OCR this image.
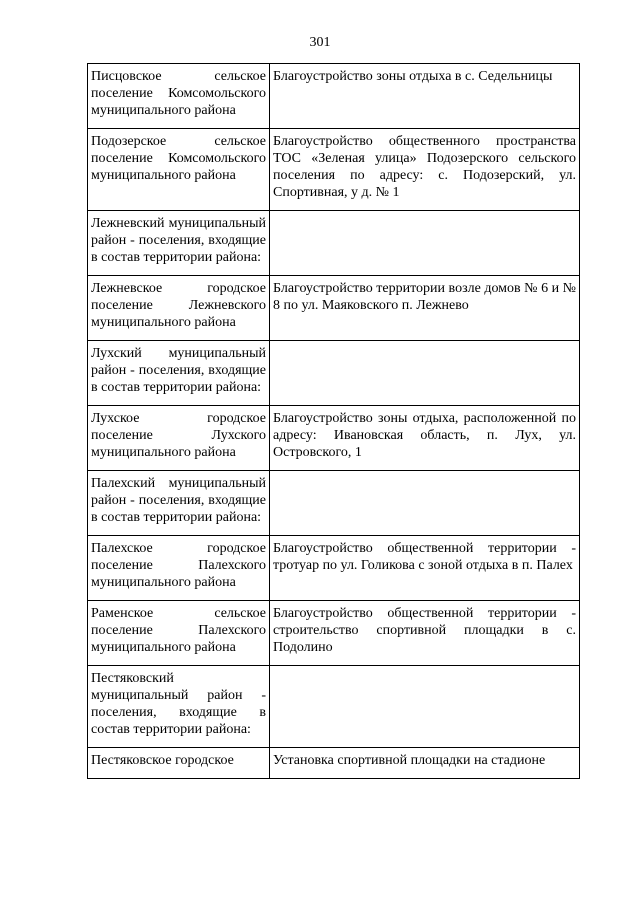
301
Писцовское сельское поселение Комсомольского муниципального района	Благоустройство зоны отдыха в с. Седельницы
Подозерское сельское поселение Комсомольского муниципального района	Благоустройство общественного пространства ТОС «Зеленая улица» Подозерского сельского поселения по адресу: с. Подозерский, ул. Спортивная, у д. № 1
Лежневский муниципальный район - поселения, входящие в состав территории района:	
Лежневское городское поселение Лежневского муниципального района	Благоустройство территории возле домов № 6 и № 8 по ул. Маяковского п. Лежнево
Лухский муниципальный район - поселения, входящие в состав территории района:	
Лухское городское поселение Лухского муниципального района	Благоустройство зоны отдыха, расположенной по адресу: Ивановская область, п. Лух, ул. Островского, 1
Палехский муниципальный район - поселения, входящие в состав территории района:	
Палехское городское поселение Палехского муниципального района	Благоустройство общественной территории - тротуар по ул. Голикова с зоной отдыха в п. Палех
Раменское сельское поселение Палехского муниципального района	Благоустройство общественной территории - строительство спортивной площадки в с. Подолино
Пестяковский муниципальный район - поселения, входящие в состав территории района:	
Пестяковское городское	Установка спортивной площадки на стадионе
